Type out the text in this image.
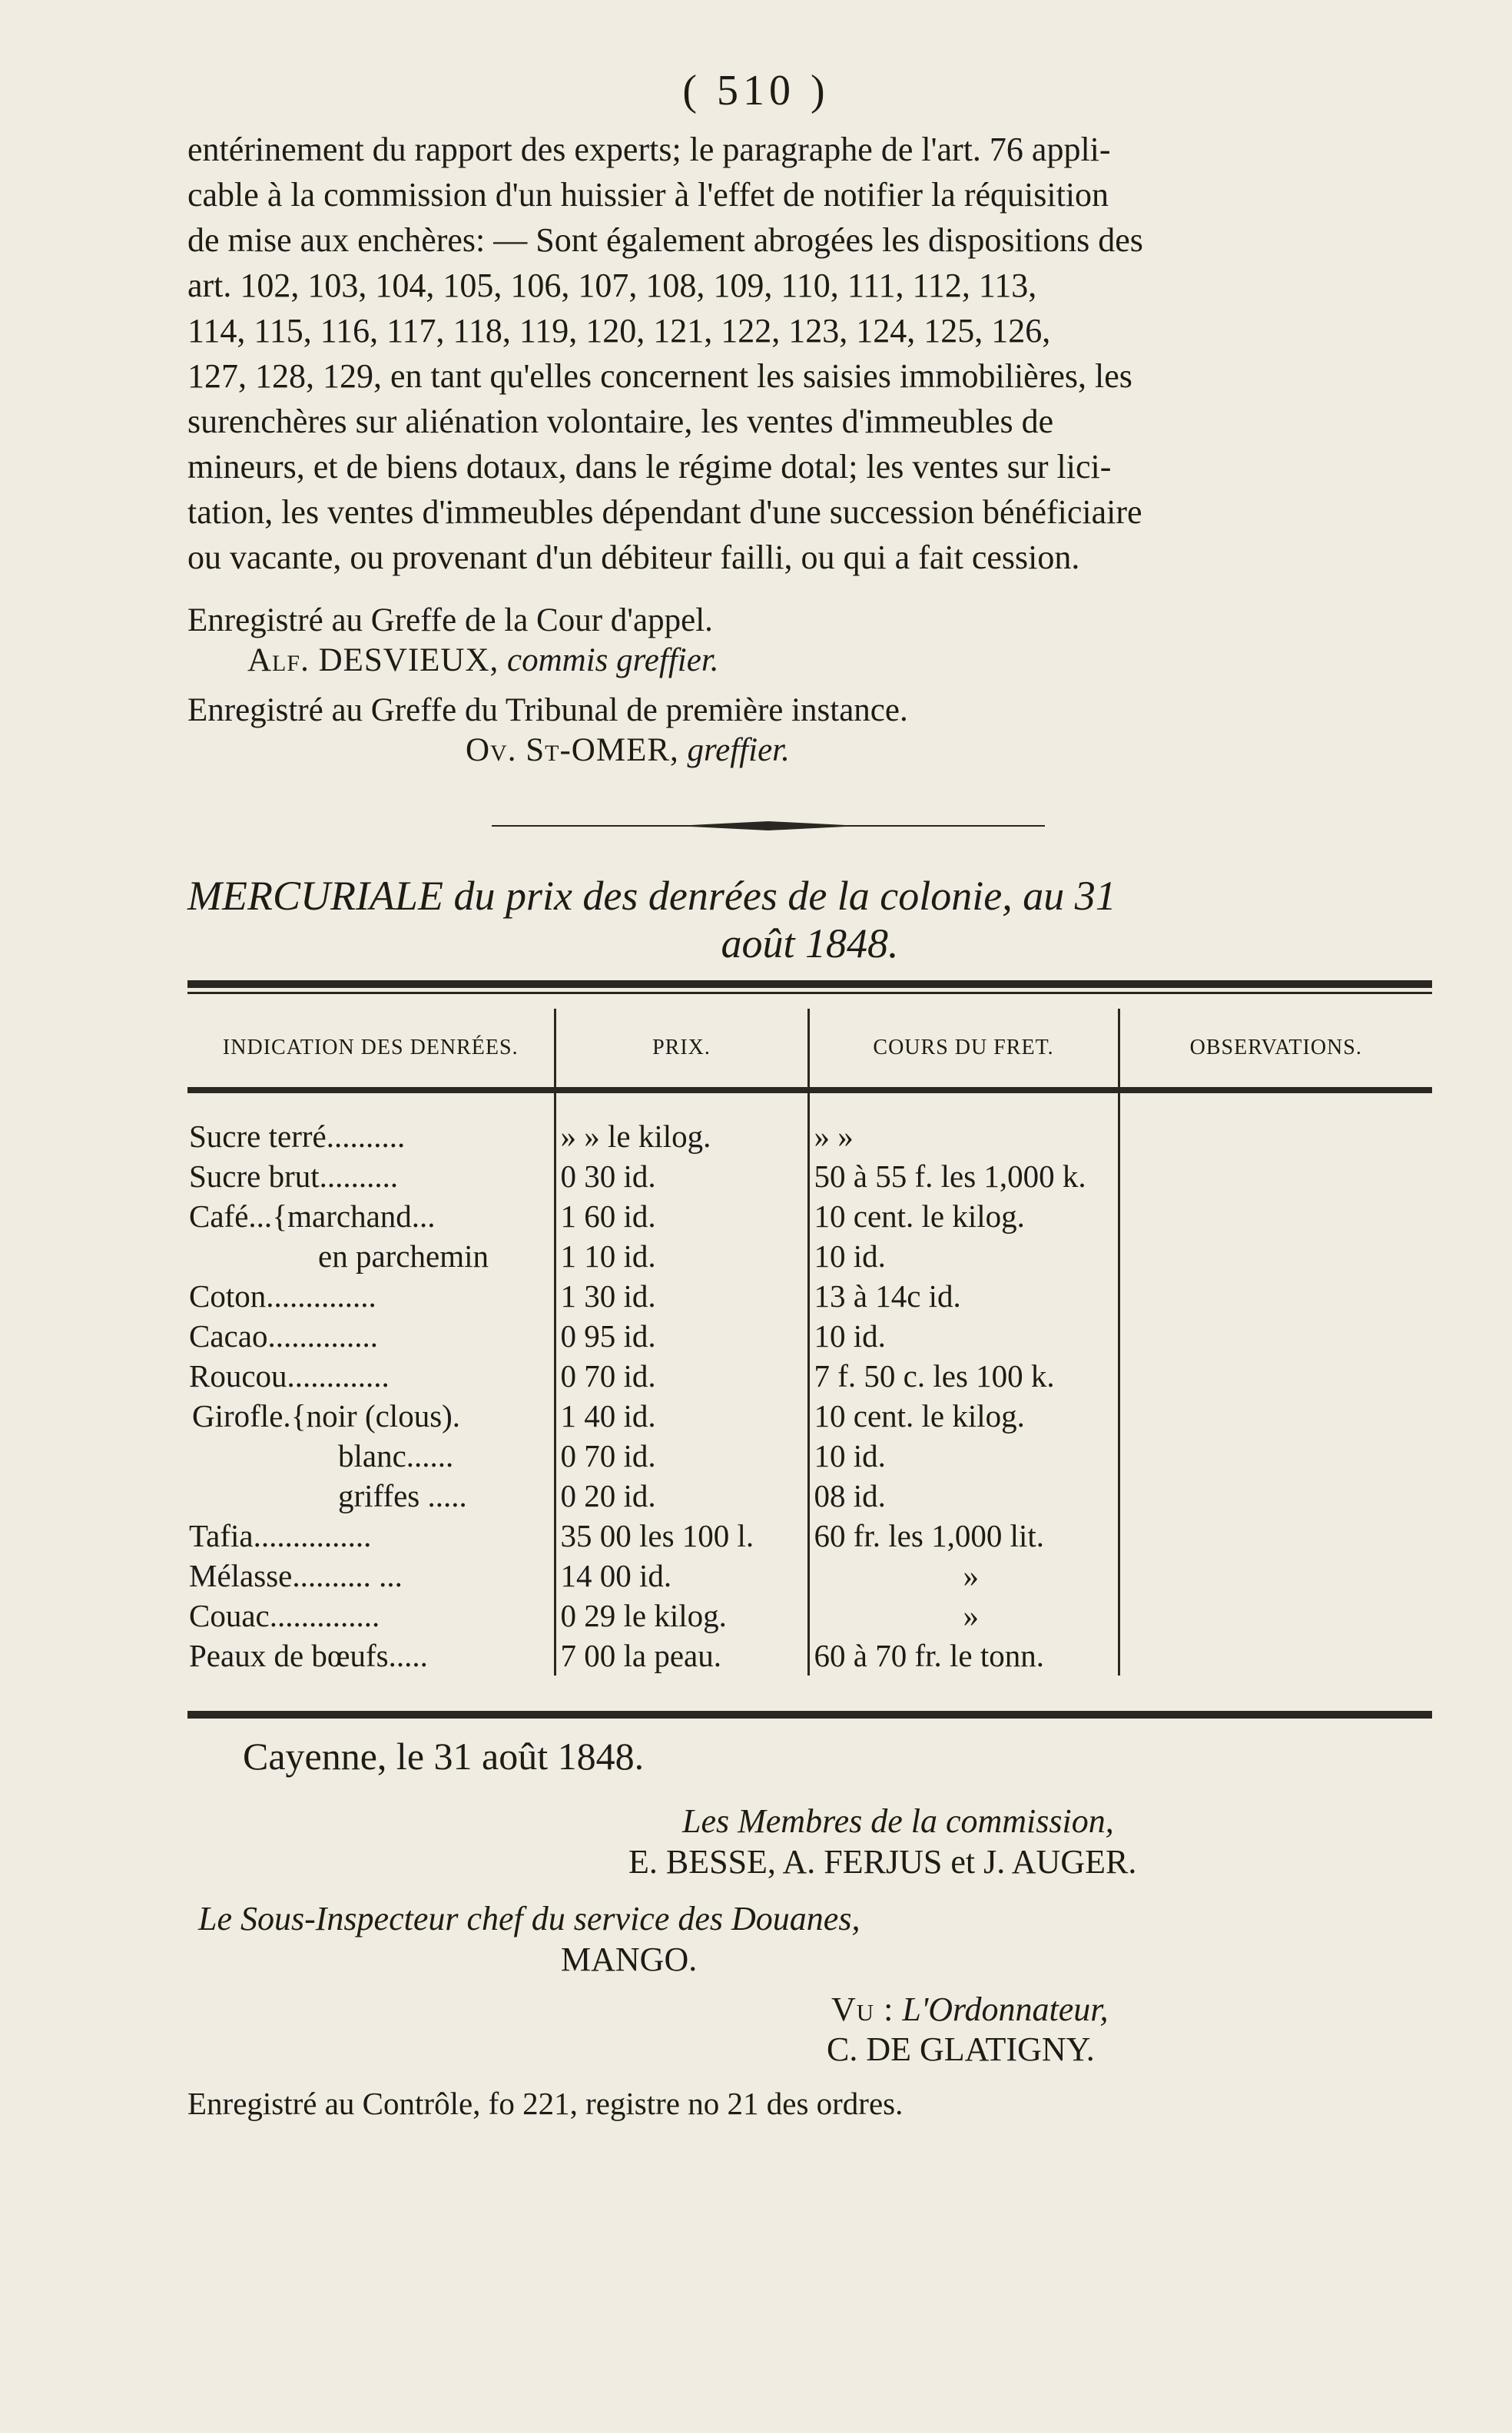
( 510 )

entérinement du rapport des experts; le paragraphe de l'art. 76 appli-

cable à la commission d'un huissier à l'effet de notifier la réquisition

de mise aux enchères: — Sont également abrogées les dispositions des

art. 102, 103, 104, 105, 106, 107, 108, 109, 110, 111, 112, 113,

114, 115, 116, 117, 118, 119, 120, 121, 122, 123, 124, 125, 126,

127, 128, 129, en tant qu'elles concernent les saisies immobilières, les

surenchères sur aliénation volontaire, les ventes d'immeubles de

mineurs, et de biens dotaux, dans le régime dotal; les ventes sur lici-

tation, les ventes d'immeubles dépendant d'une succession bénéficiaire

ou vacante, ou provenant d'un débiteur failli, ou qui a fait cession.

Enregistré au Greffe de la Cour d'appel.
Alf. DESVIEUX, commis greffier.
Enregistré au Greffe du Tribunal de première instance.
Ov. St-OMER, greffier.
MERCURIALE du prix des denrées de la colonie, au 31
août 1848.
INDICATION DES DENRÉES.	PRIX.	COURS DU FRET.	OBSERVATIONS.

Sucre terré..........	» » le kilog.	» »	
Sucre brut..........	0 30 id.	50 à 55 f. les 1,000 k.	
Café...{marchand...	1 60 id.	10 cent. le kilog.	
en parchemin	1 10 id.	10 id.	
Coton..............	1 30 id.	13 à 14c id.	
Cacao..............	0 95 id.	10 id.	
Roucou.............	0 70 id.	7 f. 50 c. les 100 k.	
Girofle.{noir (clous).	1 40 id.	10 cent. le kilog.	
blanc......	0 70 id.	10 id.	
griffes .....	0 20 id.	08 id.	
Tafia...............	35 00 les 100 l.	60 fr. les 1,000 lit.	
Mélasse.......... ...	14 00 id.	»	
Couac..............	0 29 le kilog.	»	
Peaux de bœufs.....	7 00 la peau.	60 à 70 fr. le tonn.	
Cayenne, le 31 août 1848.
Les Membres de la commission,
E. BESSE, A. FERJUS et J. AUGER.
Le Sous-Inspecteur chef du service des Douanes,
MANGO.
Vu : L'Ordonnateur,
C. DE GLATIGNY.
Enregistré au Contrôle, fo 221, registre no 21 des ordres.
